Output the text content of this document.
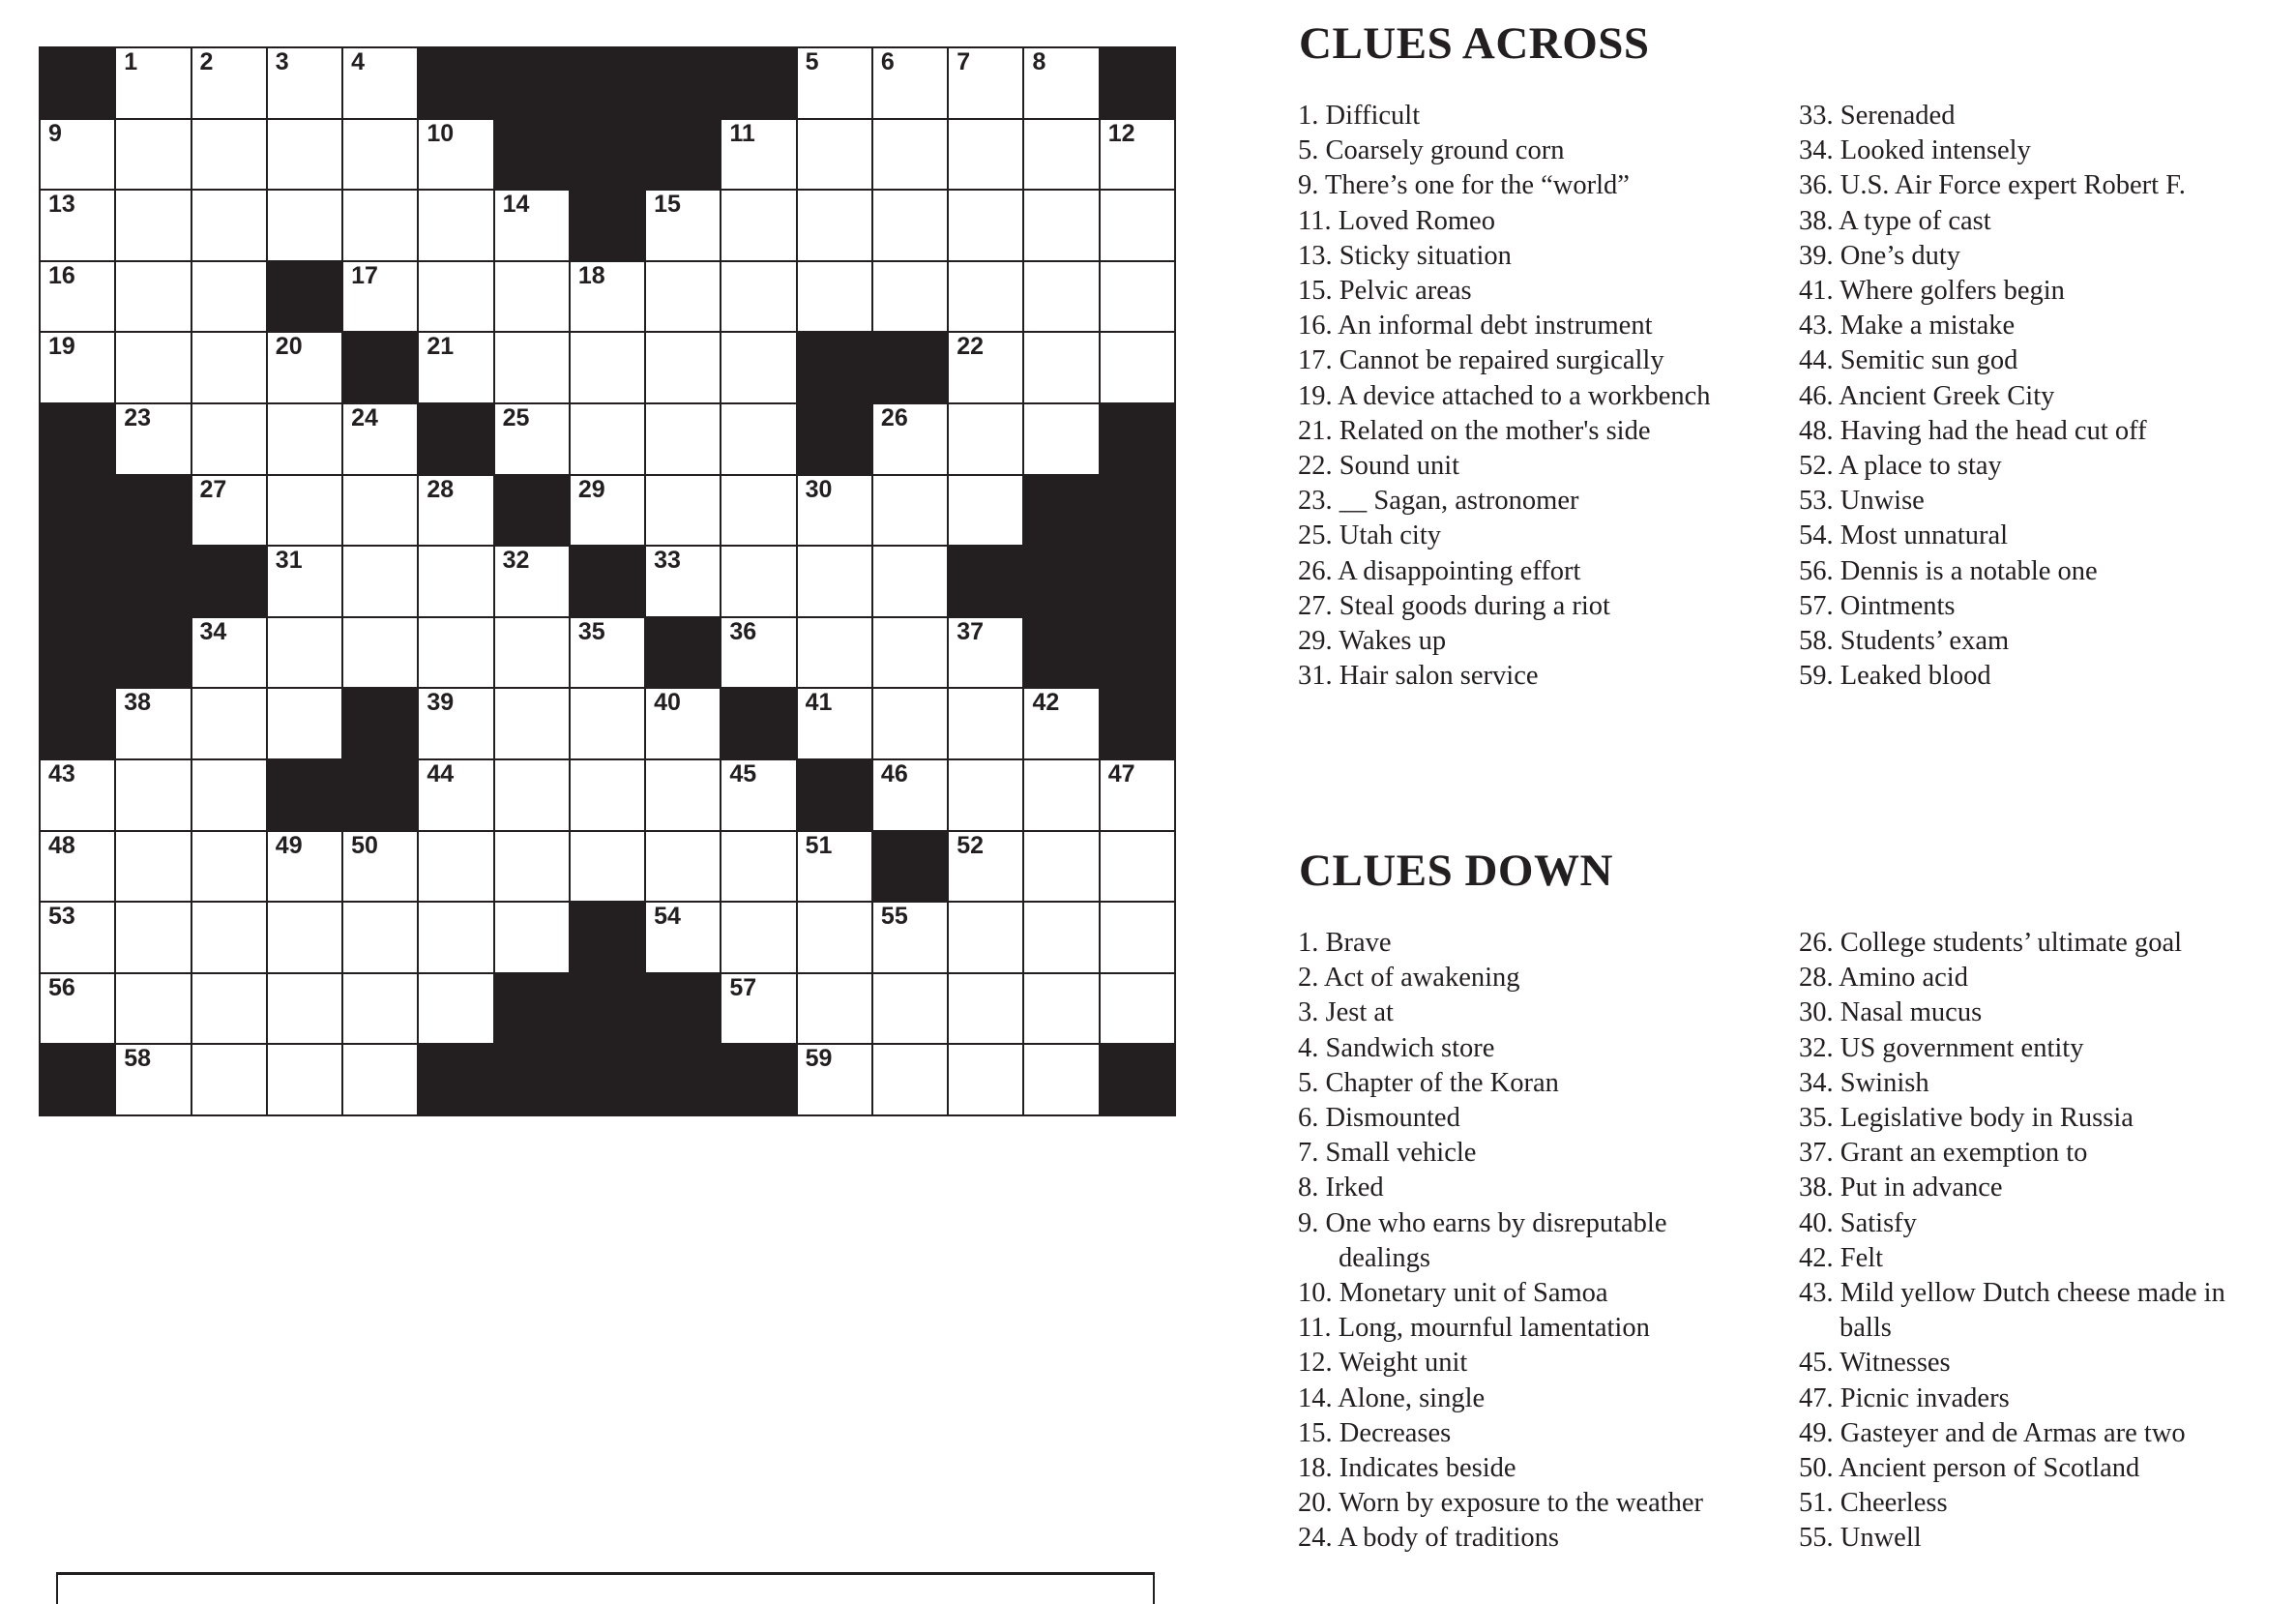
1	2	3	4	5	6	7	8
9	10	11	12
13	14	15
16	17	18
19	20	21	22
23	24	25	26
27	28	29	30
31	32	33
34	35	36	37
38	39	40	41	42
43	44	45	46	47
48	49 50	51	52
53	54	55
56	57
58	59
CLUES ACROSS
1. Difficult
5. Coarsely ground corn
9. There’s one for the “world”
11. Loved Romeo
13. Sticky situation
15. Pelvic areas
16. An informal debt instrument
17. Cannot be repaired surgically
19. A device attached to a workbench
21. Related on the mother's side
22. Sound unit
23. __ Sagan, astronomer
25. Utah city
26. A disappointing effort
27. Steal goods during a riot
29. Wakes up
31. Hair salon service
33. Serenaded
34. Looked intensely
36. U.S. Air Force expert Robert F.
38. A type of cast
39. One’s duty
41. Where golfers begin
43. Make a mistake
44. Semitic sun god
46. Ancient Greek City
48. Having had the head cut off
52. A place to stay
53. Unwise
54. Most unnatural
56. Dennis is a notable one
57. Ointments
58. Students’ exam
59. Leaked blood
CLUES DOWN
1. Brave
2. Act of awakening
3. Jest at
4. Sandwich store
5. Chapter of the Koran
6. Dismounted
7. Small vehicle
8. Irked
9. One who earns by disreputable dealings
10. Monetary unit of Samoa
11. Long, mournful lamentation
12. Weight unit
14. Alone, single
15. Decreases
18. Indicates beside
20. Worn by exposure to the weather
24. A body of traditions
26. College students’ ultimate goal
28. Amino acid
30. Nasal mucus
32. US government entity
34. Swinish
35. Legislative body in Russia
37. Grant an exemption to
38. Put in advance
40. Satisfy
42. Felt
43. Mild yellow Dutch cheese made in balls
45. Witnesses
47. Picnic invaders
49. Gasteyer and de Armas are two
50. Ancient person of Scotland
51. Cheerless
55. Unwell
